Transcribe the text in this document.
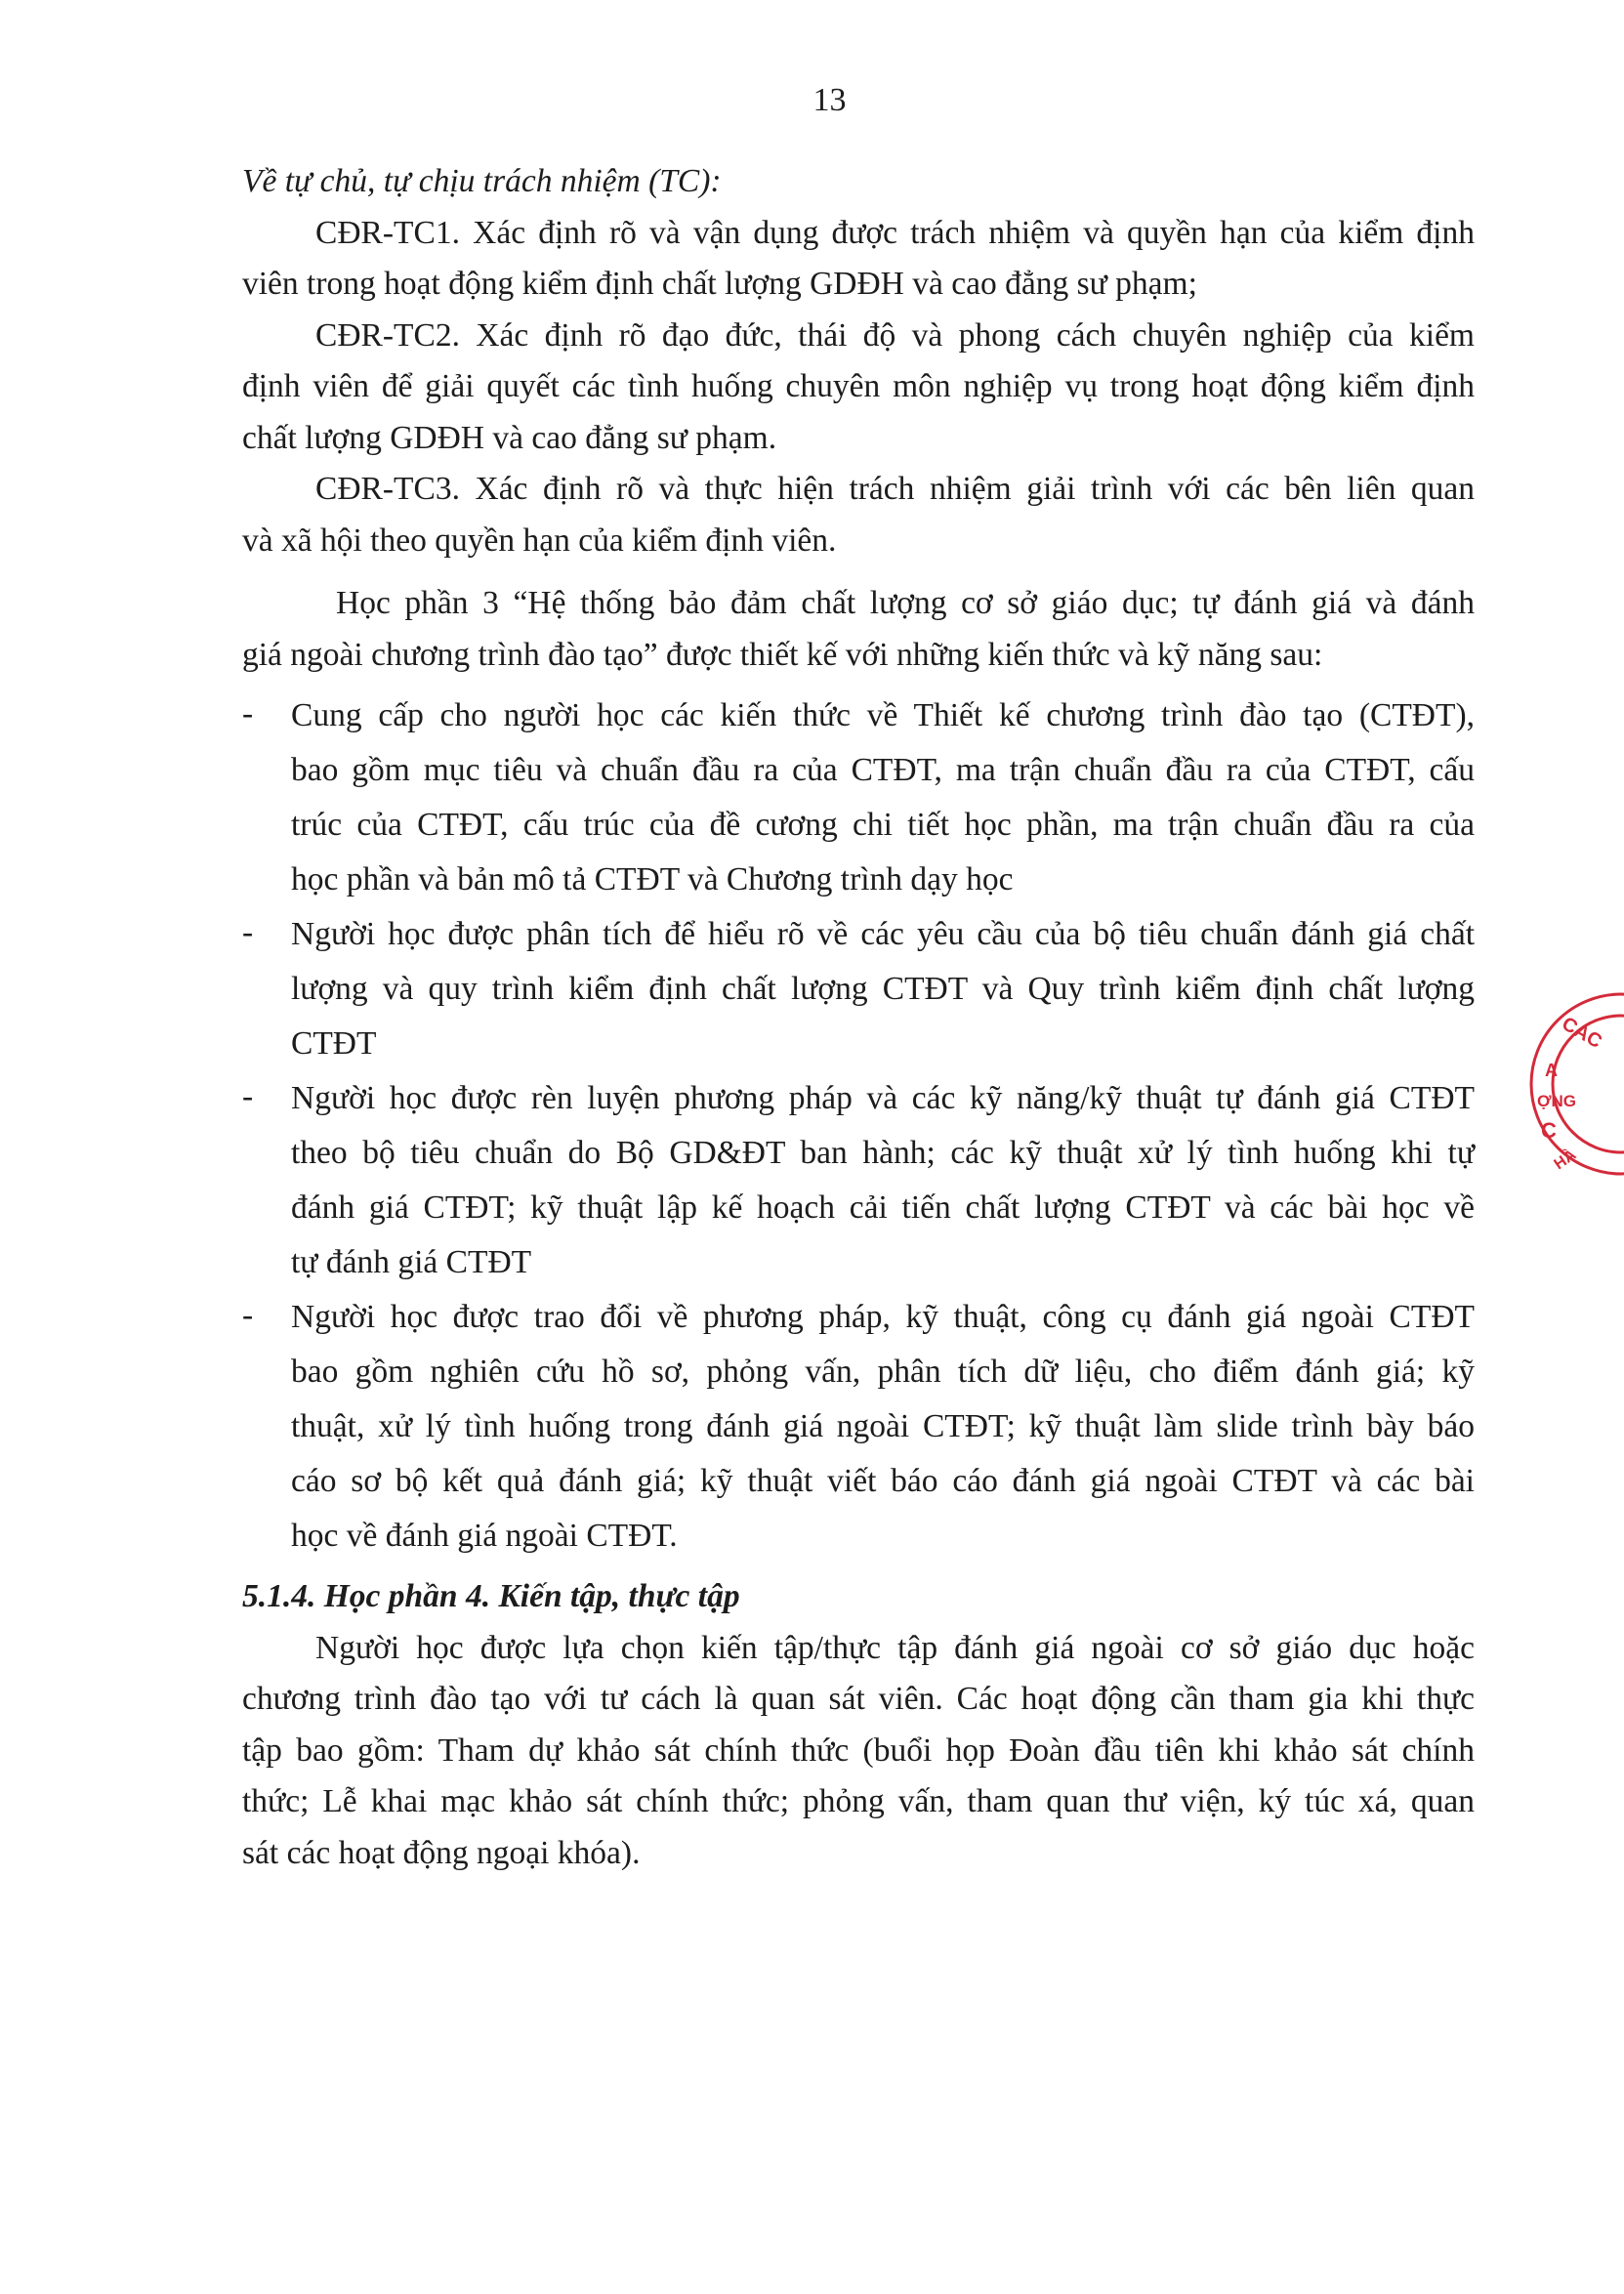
13
Về tự chủ, tự chịu trách nhiệm (TC):
CĐR-TC1. Xác định rõ và vận dụng được trách nhiệm và quyền hạn của kiểm định
viên trong hoạt động kiểm định chất lượng GDĐH và cao đẳng sư phạm;
CĐR-TC2. Xác định rõ đạo đức, thái độ và phong cách chuyên nghiệp của kiểm
định viên để giải quyết các tình huống chuyên môn nghiệp vụ trong hoạt động kiểm định
chất lượng GDĐH và cao đẳng sư phạm.
CĐR-TC3. Xác định rõ và thực hiện trách nhiệm giải trình với các bên liên quan
và xã hội theo quyền hạn của kiểm định viên.
Học phần 3 “Hệ thống bảo đảm chất lượng cơ sở giáo dục; tự đánh giá và đánh
giá ngoài chương trình đào tạo” được thiết kế với những kiến thức và kỹ năng sau:
- Cung cấp cho người học các kiến thức về Thiết kế chương trình đào tạo (CTĐT),
bao gồm mục tiêu và chuẩn đầu ra của CTĐT, ma trận chuẩn đầu ra của CTĐT, cấu
trúc của CTĐT, cấu trúc của đề cương chi tiết học phần, ma trận chuẩn đầu ra của
học phần và bản mô tả CTĐT và Chương trình dạy học
- Người học được phân tích để hiểu rõ về các yêu cầu của bộ tiêu chuẩn đánh giá chất
lượng và quy trình kiểm định chất lượng CTĐT và Quy trình kiểm định chất lượng
CTĐT
- Người học được rèn luyện phương pháp và các kỹ năng/kỹ thuật tự đánh giá CTĐT
theo bộ tiêu chuẩn do Bộ GD&ĐT ban hành; các kỹ thuật xử lý tình huống khi tự
đánh giá CTĐT; kỹ thuật lập kế hoạch cải tiến chất lượng CTĐT và các bài học về
tự đánh giá CTĐT
- Người học được trao đổi về phương pháp, kỹ thuật, công cụ đánh giá ngoài CTĐT
bao gồm nghiên cứu hồ sơ, phỏng vấn, phân tích dữ liệu, cho điểm đánh giá; kỹ
thuật, xử lý tình huống trong đánh giá ngoài CTĐT; kỹ thuật làm slide trình bày báo
cáo sơ bộ kết quả đánh giá; kỹ thuật viết báo cáo đánh giá ngoài CTĐT và các bài
học về đánh giá ngoài CTĐT.
5.1.4. Học phần 4. Kiến tập, thực tập
Người học được lựa chọn kiến tập/thực tập đánh giá ngoài cơ sở giáo dục hoặc
chương trình đào tạo với tư cách là quan sát viên. Các hoạt động cần tham gia khi thực
tập bao gồm: Tham dự khảo sát chính thức (buổi họp Đoàn đầu tiên khi khảo sát chính
thức; Lễ khai mạc khảo sát chính thức; phỏng vấn, tham quan thư viện, ký túc xá, quan
sát các hoạt động ngoại khóa).
CÁC
A
ỢNG
C
HÀ
